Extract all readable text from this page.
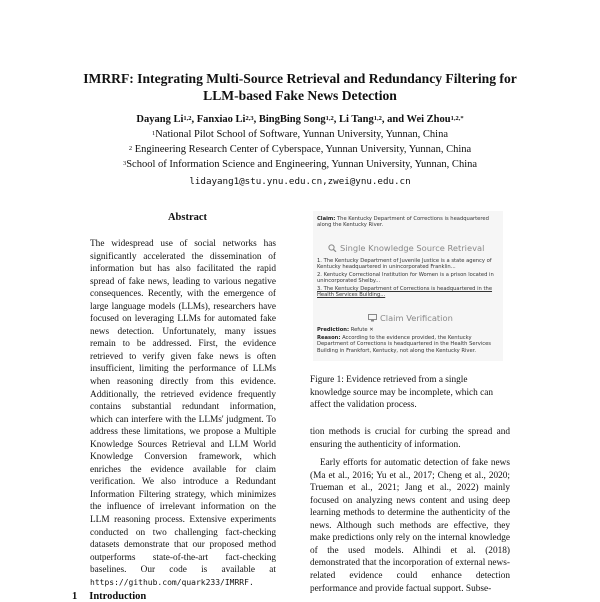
IMRRF: Integrating Multi-Source Retrieval and Redundancy Filtering for
LLM-based Fake News Detection
Dayang Li$^{1,2}$, Fanxiao Li$^{2,3}$, BingBing Song$^{1,2}$, Li Tang$^{1,2}$, and Wei Zhou$^{1,2,*}$
$^1$National Pilot School of Software, Yunnan University, Yunnan, China
$^2$ Engineering Research Center of Cyberspace, Yunnan University, Yunnan, China
$^3$School of Information Science and Engineering, Yunnan University, Yunnan, China
lidayang1@stu.ynu.edu.cn,zwei@ynu.edu.cn
Abstract
The widespread use of social networks has significantly accelerated the dissemination of information but has also facilitated the rapid spread of fake news, leading to various negative consequences. Recently, with the emergence of large language models (LLMs), researchers have focused on leveraging LLMs for automated fake news detection. Unfortunately, many issues remain to be addressed. First, the evidence retrieved to verify given fake news is often insufficient, limiting the performance of LLMs when reasoning directly from this evidence. Additionally, the retrieved evidence frequently contains substantial redundant information, which can interfere with the LLMs' judgment. To address these limitations, we propose a Multiple Knowledge Sources Retrieval and LLM World Knowledge Conversion framework, which enriches the evidence available for claim verification. We also introduce a Redundant Information Filtering strategy, which minimizes the influence of irrelevant information on the LLM reasoning process. Extensive experiments conducted on two challenging fact-checking datasets demonstrate that our proposed method outperforms state-of-the-art fact-checking baselines. Our code is available at https://github.com/quark233/IMRRF.
1 Introduction
Claim: The Kentucky Department of Corrections is headquartered along the Kentucky River.
Single Knowledge Source Retrieval
1. The Kentucky Department of Juvenile Justice is a state agency of Kentucky headquartered in unincorporated Franklin...
2. Kentucky Correctional Institution for Women is a prison located in unincorporated Shelby...
3. The Kentucky Department of Corrections is headquartered in the Health Services Building...
Claim Verification
Prediction: Refute ✕
Reason: According to the evidence provided, the Kentucky Department of Corrections is headquartered in the Health Services Building in Frankfort, Kentucky, not along the Kentucky River.
Figure 1: Evidence retrieved from a single knowledge source may be incomplete, which can affect the validation process.

tion methods is crucial for curbing the spread and ensuring the authenticity of information.

Early efforts for automatic detection of fake news (Ma et al., 2016; Yu et al., 2017; Cheng et al., 2020; Trueman et al., 2021; Jang et al., 2022) mainly focused on analyzing news content and using deep learning methods to determine the authenticity of the news. Although such methods are effective, they make predictions only rely on the internal knowledge of the used models. Alhindi et al. (2018) demonstrated that the incorporation of external news-related evidence could enhance detection performance and provide factual support. Subse-
